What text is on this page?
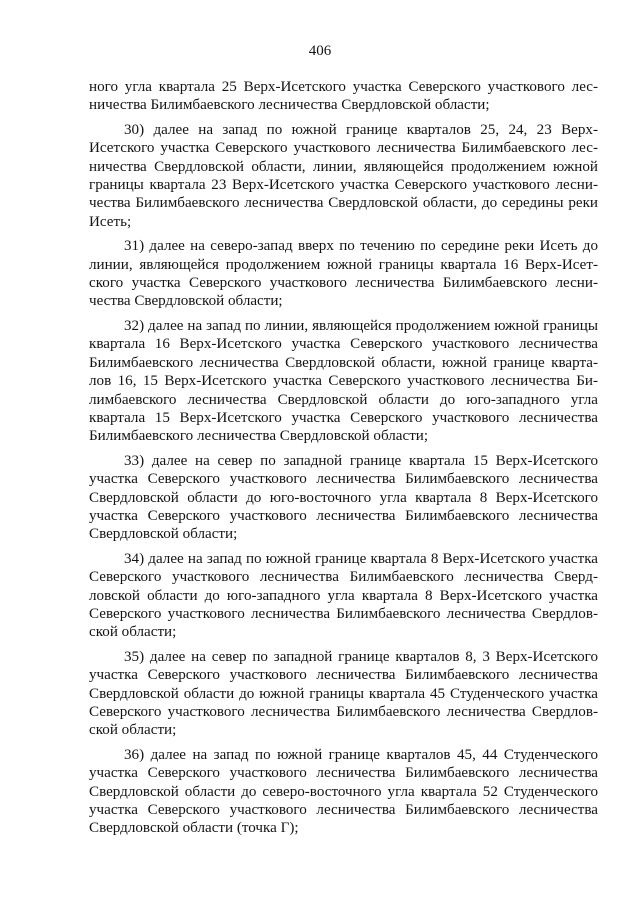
406

ного угла квартала 25 Верх-Исетского участка Северского участкового лесничества Билимбаевского лесничества Свердловской области;

30) далее на запад по южной границе кварталов 25, 24, 23 Верх-Исетского участка Северского участкового лесничества Билимбаевского лесничества Свердловской области, линии, являющейся продолжением южной границы квартала 23 Верх-Исетского участка Северского участкового лесничества Билимбаевского лесничества Свердловской области, до середины реки Исеть;

31) далее на северо-запад вверх по течению по середине реки Исеть до линии, являющейся продолжением южной границы квартала 16 Верх-Исетского участка Северского участкового лесничества Билимбаевского лесничества Свердловской области;

32) далее на запад по линии, являющейся продолжением южной границы квартала 16 Верх-Исетского участка Северского участкового лесничества Билимбаевского лесничества Свердловской области, южной границе кварталов 16, 15 Верх-Исетского участка Северского участкового лесничества Билимбаевского лесничества Свердловской области до юго-западного угла квартала 15 Верх-Исетского участка Северского участкового лесничества Билимбаевского лесничества Свердловской области;

33) далее на север по западной границе квартала 15 Верх-Исетского участка Северского участкового лесничества Билимбаевского лесничества Свердловской области до юго-восточного угла квартала 8 Верх-Исетского участка Северского участкового лесничества Билимбаевского лесничества Свердловской области;

34) далее на запад по южной границе квартала 8 Верх-Исетского участка Северского участкового лесничества Билимбаевского лесничества Свердловской области до юго-западного угла квартала 8 Верх-Исетского участка Северского участкового лесничества Билимбаевского лесничества Свердловской области;

35) далее на север по западной границе кварталов 8, 3 Верх-Исетского участка Северского участкового лесничества Билимбаевского лесничества Свердловской области до южной границы квартала 45 Студенческого участка Северского участкового лесничества Билимбаевского лесничества Свердловской области;

36) далее на запад по южной границе кварталов 45, 44 Студенческого участка Северского участкового лесничества Билимбаевского лесничества Свердловской области до северо-восточного угла квартала 52 Студенческого участка Северского участкового лесничества Билимбаевского лесничества Свердловской области (точка Г);
